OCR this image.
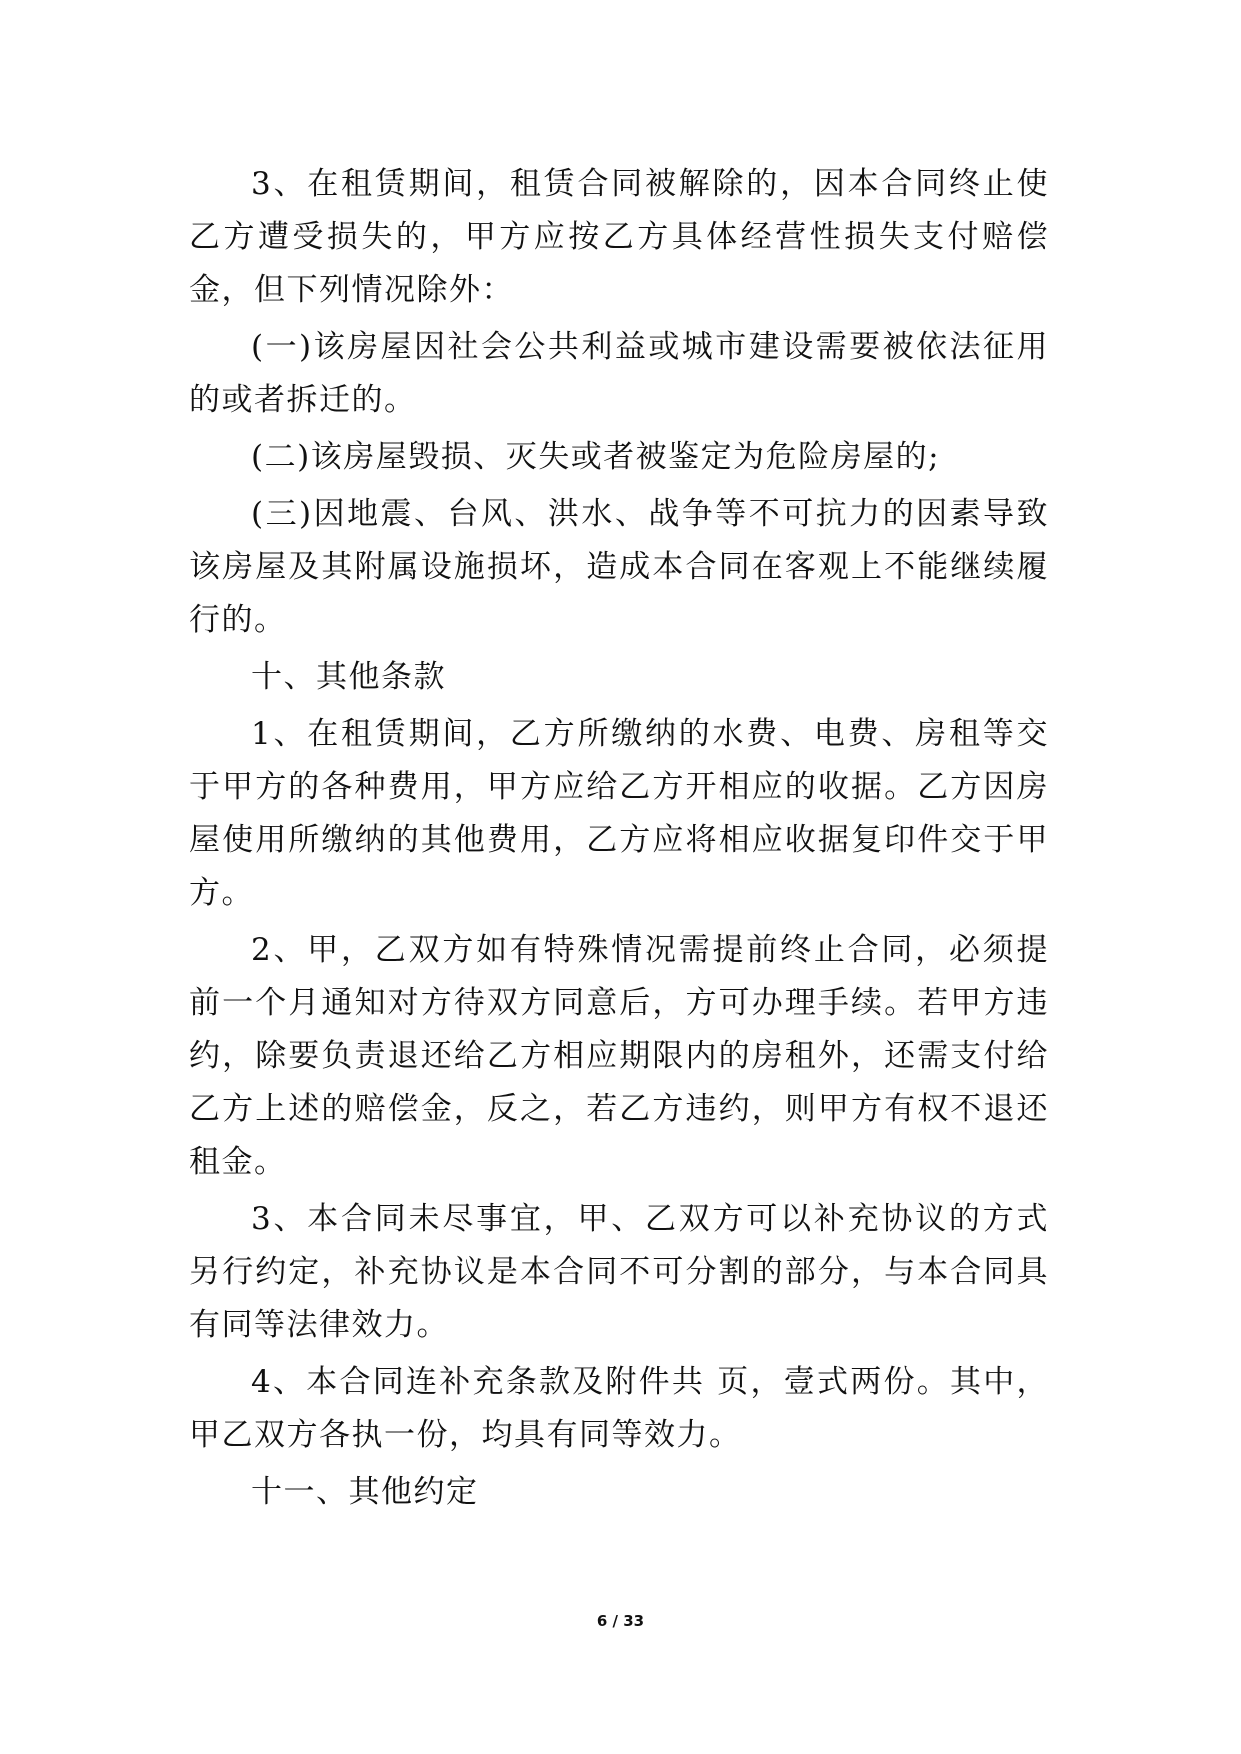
3、在租赁期间，租赁合同被解除的，因本合同终止使乙方遭受损失的，甲方应按乙方具体经营性损失支付赔偿金，但下列情况除外：

(一)该房屋因社会公共利益或城市建设需要被依法征用的或者拆迁的。

(二)该房屋毁损、灭失或者被鉴定为危险房屋的;

(三)因地震、台风、洪水、战争等不可抗力的因素导致该房屋及其附属设施损坏，造成本合同在客观上不能继续履行的。

十、其他条款

1、在租赁期间，乙方所缴纳的水费、电费、房租等交于甲方的各种费用，甲方应给乙方开相应的收据。乙方因房屋使用所缴纳的其他费用，乙方应将相应收据复印件交于甲方。

2、甲，乙双方如有特殊情况需提前终止合同，必须提前一个月通知对方待双方同意后，方可办理手续。若甲方违约，除要负责退还给乙方相应期限内的房租外，还需支付给乙方上述的赔偿金，反之，若乙方违约，则甲方有权不退还租金。

3、本合同未尽事宜，甲、乙双方可以补充协议的方式另行约定，补充协议是本合同不可分割的部分，与本合同具有同等法律效力。

4、本合同连补充条款及附件共 页，壹式两份。其中，甲乙双方各执一份，均具有同等效力。

十一、其他约定

6 / 33
